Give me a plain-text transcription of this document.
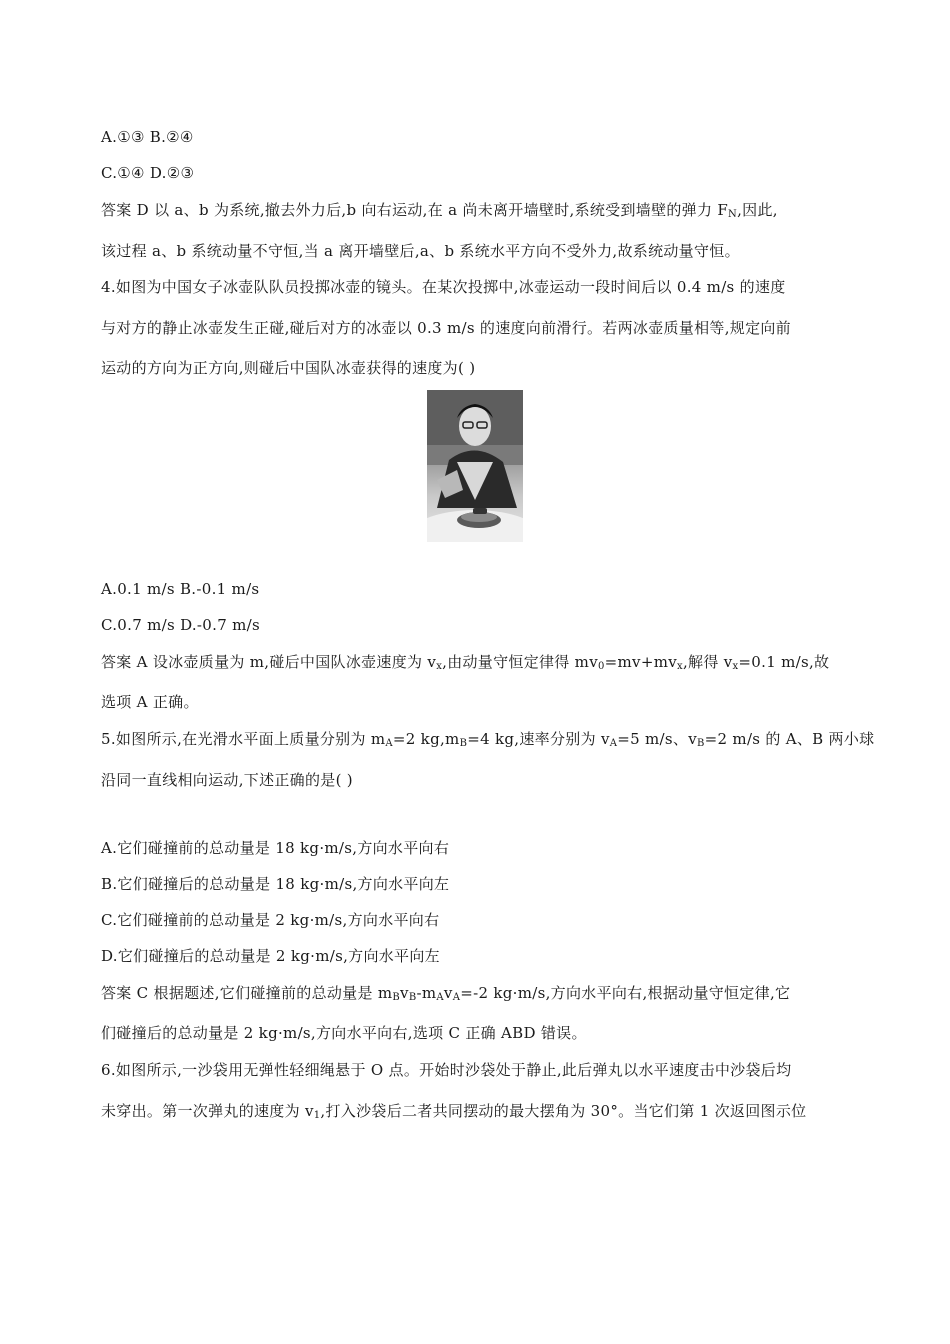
A.①③ B.②④
C.①④ D.②③
答案 D 以 a、b 为系统,撤去外力后,b 向右运动,在 a 尚未离开墙壁时,系统受到墙壁的弹力 $F_N$,因此,
该过程 a、b 系统动量不守恒,当 a 离开墙壁后,a、b 系统水平方向不受外力,故系统动量守恒。
4.如图为中国女子冰壶队队员投掷冰壶的镜头。在某次投掷中,冰壶运动一段时间后以 0.4 m/s 的速度
与对方的静止冰壶发生正碰,碰后对方的冰壶以 0.3 m/s 的速度向前滑行。若两冰壶质量相等,规定向前
运动的方向为正方向,则碰后中国队冰壶获得的速度为( )
A.0.1 m/s B.-0.1 m/s
C.0.7 m/s D.-0.7 m/s
答案 A 设冰壶质量为 m,碰后中国队冰壶速度为 $v_x$,由动量守恒定律得 $mv_0=mv+mv_x$,解得 $v_x=0.1$ m/s,故
选项 A 正确。
5.如图所示,在光滑水平面上质量分别为 $m_A=2$ $kg,m_B=4$ kg,速率分别为 $v_A=5$ m/s、$v_B=2$ m/s 的 A、B 两小球
沿同一直线相向运动,下述正确的是( )
A.它们碰撞前的总动量是 18 kg·m/s,方向水平向右
B.它们碰撞后的总动量是 18 kg·m/s,方向水平向左
C.它们碰撞前的总动量是 2 kg·m/s,方向水平向右
D.它们碰撞后的总动量是 2 kg·m/s,方向水平向左
答案 C 根据题述,它们碰撞前的总动量是 $m_Bv_B-m_Av_A=-2$ kg·m/s,方向水平向右,根据动量守恒定律,它
们碰撞后的总动量是 2 kg·m/s,方向水平向右,选项 C 正确 ABD 错误。
6.如图所示,一沙袋用无弹性轻细绳悬于 O 点。开始时沙袋处于静止,此后弹丸以水平速度击中沙袋后均
未穿出。第一次弹丸的速度为 $v_1$,打入沙袋后二者共同摆动的最大摆角为 30°。当它们第 1 次返回图示位
